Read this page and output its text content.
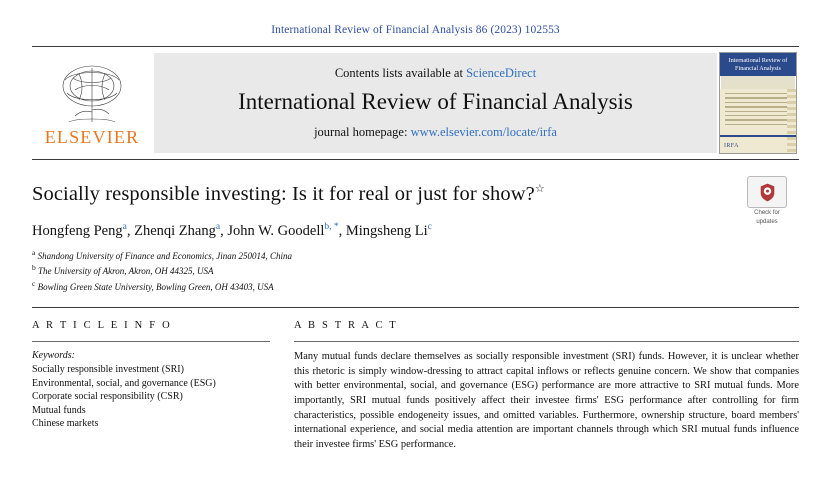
International Review of Financial Analysis 86 (2023) 102553
ELSEVIER
Contents lists available at ScienceDirect
International Review of Financial Analysis
journal homepage: www.elsevier.com/locate/irfa
International Review of Financial Analysis
IRFA
Check for
updates
Socially responsible investing: Is it for real or just for show?☆
Hongfeng Peng$^a$, Zhenqi Zhang$^a$, John W. Goodell$^{b, *}$, Mingsheng Li$^c$
$^a$ Shandong University of Finance and Economics, Jinan 250014, China
$^b$ The University of Akron, Akron, OH 44325, USA
$^c$ Bowling Green State University, Bowling Green, OH 43403, USA
A R T I C L E I N F O
Keywords:
Socially responsible investment (SRI)
Environmental, social, and governance (ESG)
Corporate social responsibility (CSR)
Mutual funds
Chinese markets
A B S T R A C T
Many mutual funds declare themselves as socially responsible investment (SRI) funds. However, it is unclear whether this rhetoric is simply window-dressing to attract capital inflows or reflects genuine concern. We show that companies with better environmental, social, and governance (ESG) performance are more attractive to SRI mutual funds. More importantly, SRI mutual funds positively affect their investee firms' ESG performance after controlling for firm characteristics, possible endogeneity issues, and omitted variables. Furthermore, ownership structure, board members' international experience, and social media attention are important channels through which SRI mutual funds influence their investee firms' ESG performance.
